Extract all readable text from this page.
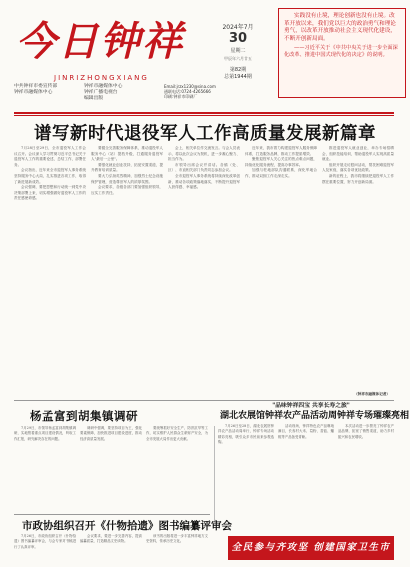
今日钟祥
JINRIZHONGXIANG
2024年7月
30
星期二
甲辰年六月廿五
第82期
总第1944期
实践没有止境，理论创新也没有止境。改革开放以来，我们党以巨大的政治勇气和理论勇气，以改革开放推动社会主义现代化建设，不断开创新局面。
——习近平关于《中共中央关于进一步全面深化改革、推进中国式现代化的决定》的说明。
中共钟祥市委宣传部
钟祥市融媒体中心
钟祥市融媒体中心
钟祥广播电视台
编辑出版
Email:jrzx1230@sina.com
通联电话:0724-4265666
印刷:钟祥市印刷厂
谱写新时代退役军人工作高质量发展新篇章

7月28日至29日，全市退役军人工作会议召开。会议深入学习贯彻习近平总书记关于退役军人工作的重要论述，总结工作，部署任务。

会议指出，近年来全市退役军人事务系统坚持服务中心大局，扎实推进各项工作，取得了新进展新成效。

会议强调，要把思想和行动统一到党中央决策部署上来，切实增强做好退役军人工作的责任感使命感。

要健全完善服务保障体系，推动退役军人服务中心（站）提档升级，打通服务退役军人"最后一公里"。

要强化就业创业扶持，拓宽安置渠道，提升教育培训质量。

要大力弘扬英烈精神，加强烈士纪念设施保护管理，营造尊崇军人的浓厚氛围。

会议要求，各级各部门要加强组织领导，压实工作责任。

会上，相关单位作交流发言。与会人员表示，将以此次会议为契机，进一步凝心聚力、担当作为。

市领导出席会议并讲话。各镇（处、区）、市直相关部门负责同志参加会议。

全市退役军人事务系统将持续深化改革创新，推动各项政策落地落实，不断提升退役军人获得感、幸福感。

近年来，我市着力构建退役军人服务保障体系，打造服务品牌，推动工作提质增效。

聚焦退役军人关心关注的热点难点问题，持续优化服务流程，提高办事效率。

加强与驻地部队沟通联系，深化军地合作，推动双拥工作走深走实。

推进退役军人就业创业，举办专场招聘会，组织技能培训，帮助退役军人实现高质量就业。

组织开展走访慰问活动，帮扶困难退役军人及家庭，落实各项优抚政策。

新的征程上，我市将继续把退役军人工作摆在重要位置，努力开创新局面。

（钟祥市融媒体记者）
杨孟富到胡集镇调研

7月29日，市领导杨孟富到胡集镇调研，实地察看重点项目建设情况，听取工作汇报，研究解决存在的问题。

调研中强调，要坚持项目为王，强化要素保障，加快推进项目建设进度，推动经济高质量发展。

要统筹抓好安全生产、防汛抗旱等工作，切实维护人民群众生命财产安全，为全市发展大局作出更大贡献。

"品味钟祥四宝 共享长寿之旅"
湖北农展馆钟祥农产品活动周钟祥专场璀璨亮相

7月26日至28日，湖北农展馆钟祥农产品活动周举行，钟祥专场活动精彩亮相，吸引众多市民前来参观选购。

活动现场，钟祥特色农产品琳琅满目，长寿村大米、葛粉、香菇、蟠桃等产品备受青睐。

本次活动进一步擦亮了钟祥农产品品牌，拓宽了销售渠道，助力乡村振兴和农民增收。

市政协组织召开《什物拾遗》图书编纂评审会

7月26日，市政协组织召开《什物拾遗》图书编纂评审会，与会专家对书稿进行了认真评审。

会议要求，要进一步完善内容，提高编纂质量，打造精品文史读物。

该书的出版将进一步丰富钟祥地方文史资料，传承历史文化。

全民参与齐攻坚 创建国家卫生市
